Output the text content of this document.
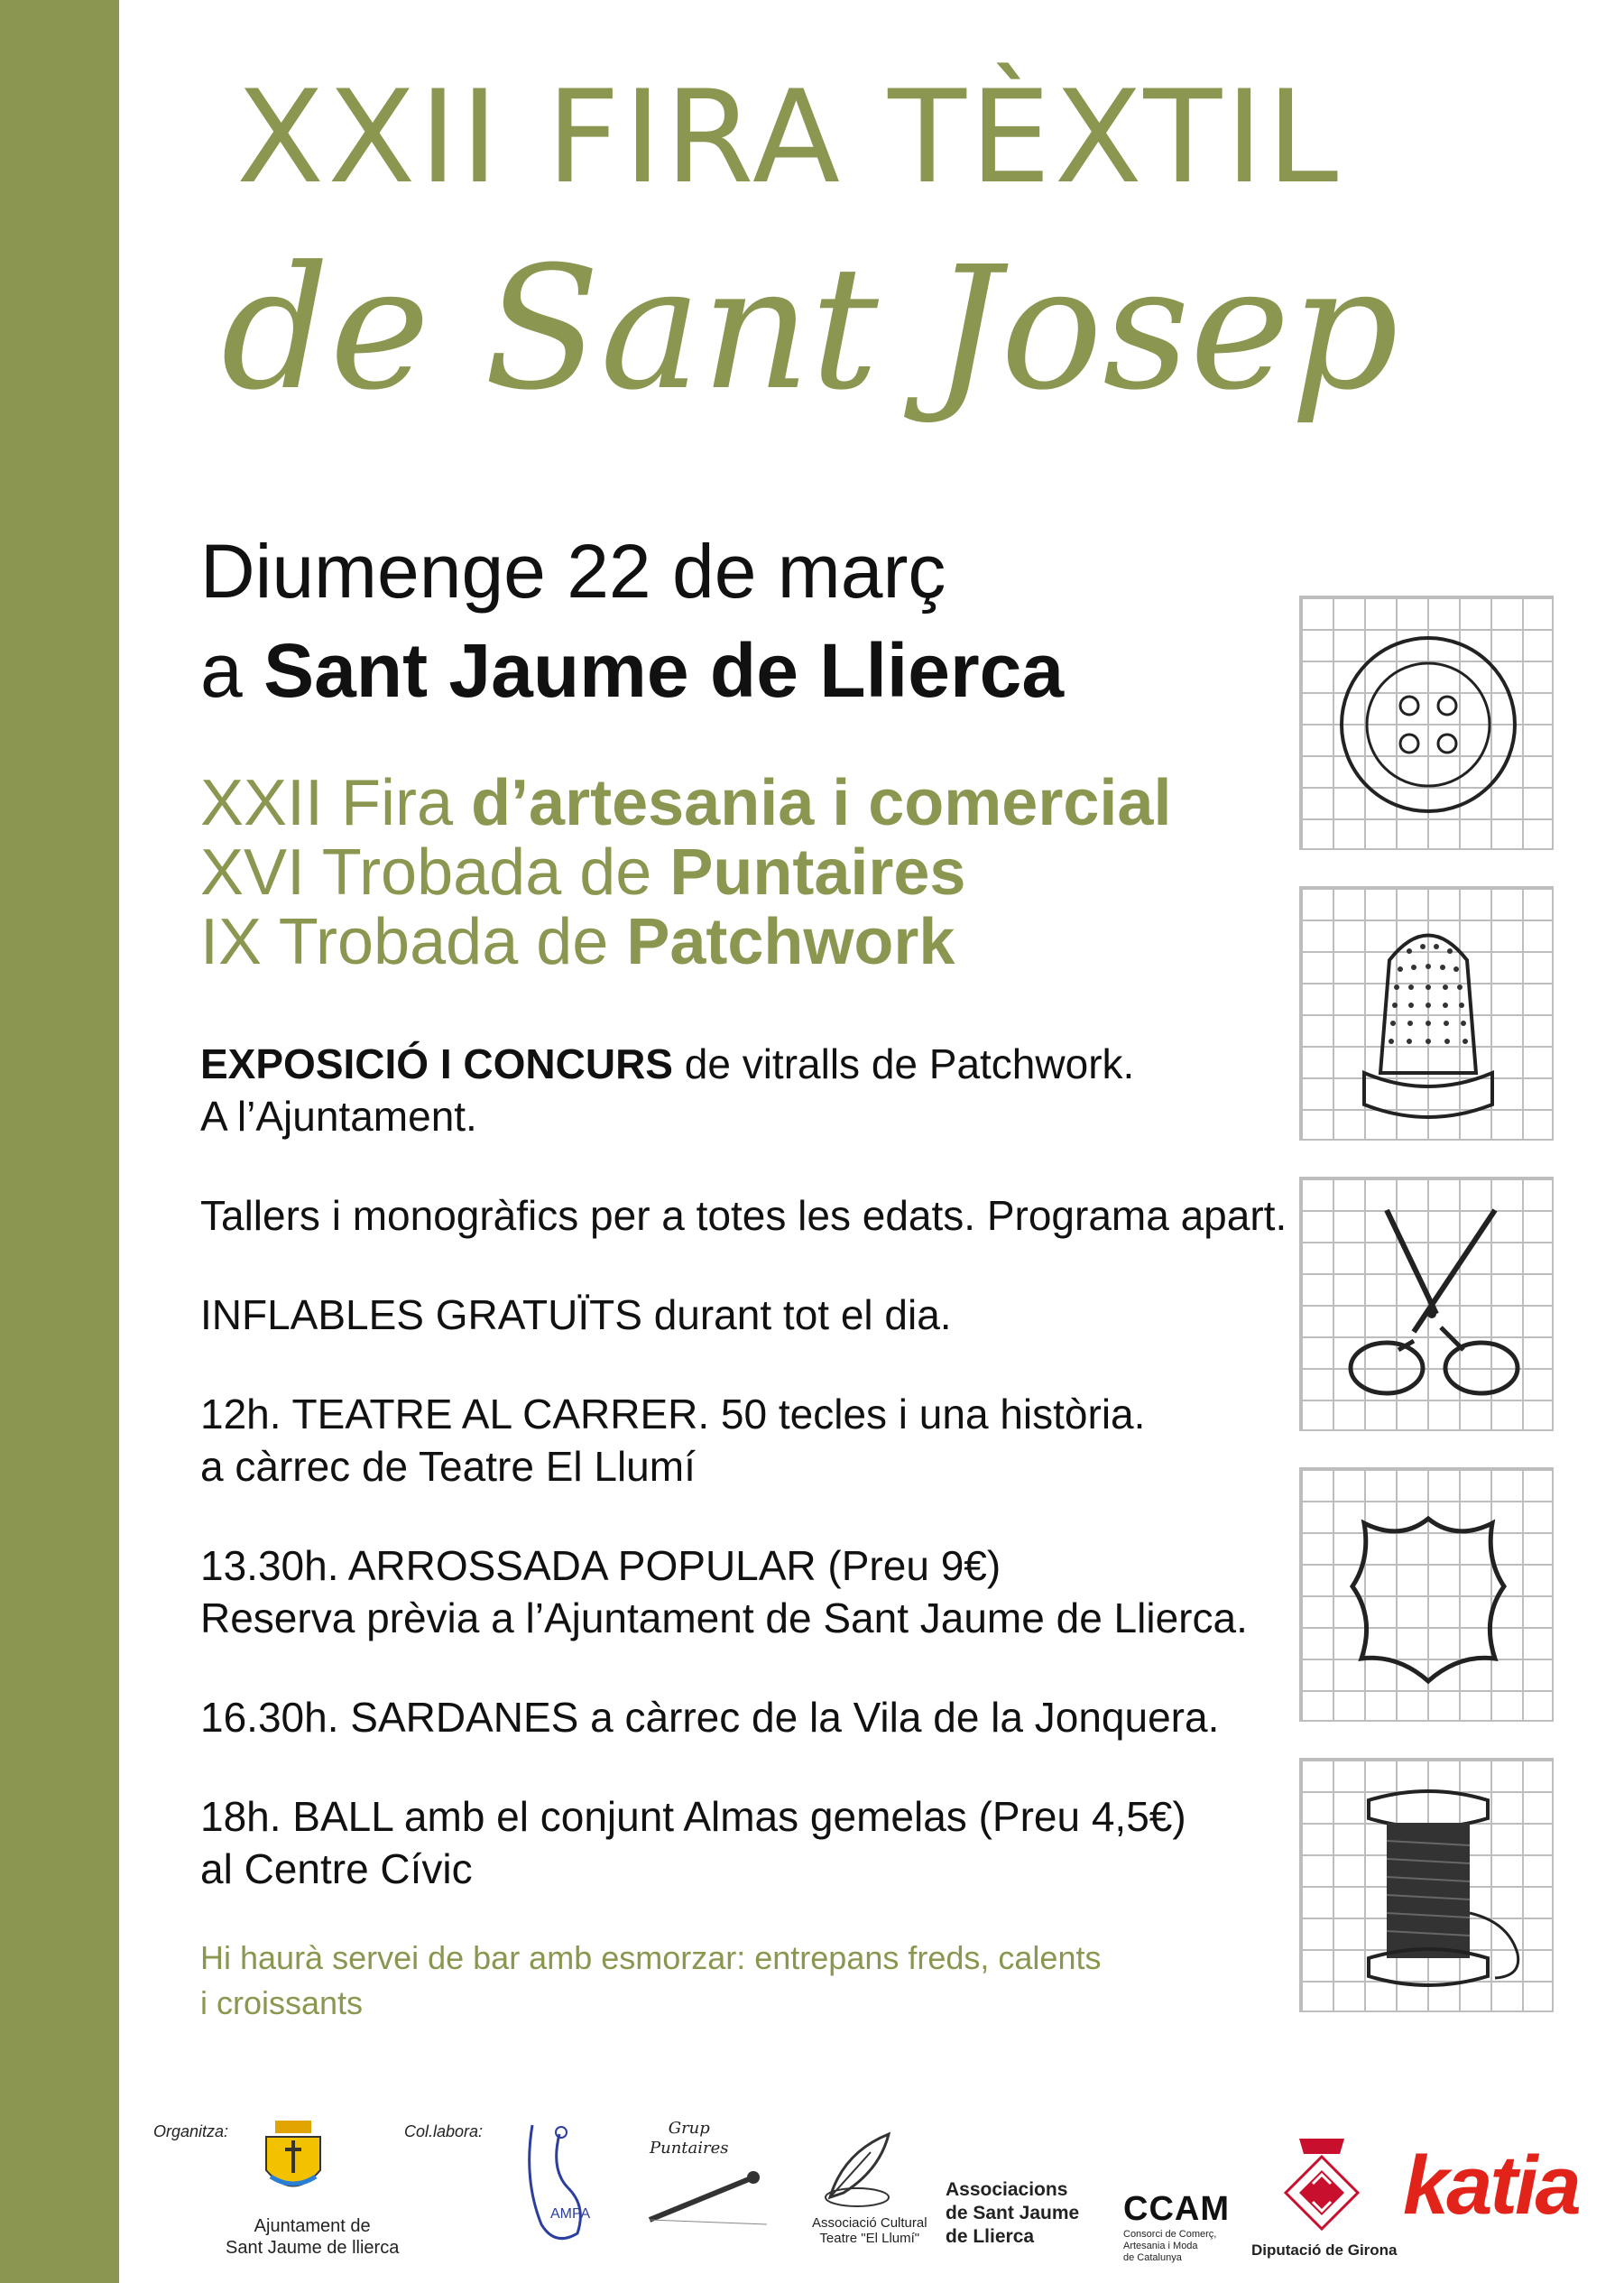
XXII FIRA TÈXTIL
de Sant Josep
Diumenge 22 de març
a Sant Jaume de Llierca
XXII Fira d’artesania i comercial
XVI Trobada de Puntaires
IX Trobada de Patchwork

EXPOSICIÓ I CONCURS de vitralls de Patchwork.

A l’Ajuntament.

Tallers i monogràfics per a totes les edats. Programa apart.

INFLABLES GRATUÏTS durant tot el dia.

12h. TEATRE AL CARRER. 50 tecles i una història.

a càrrec de Teatre El Llumí

13.30h. ARROSSADA POPULAR (Preu 9€)

Reserva prèvia a l’Ajuntament de Sant Jaume de Llierca.

16.30h. SARDANES a càrrec de la Vila de la Jonquera.

18h. BALL amb el conjunt Almas gemelas (Preu 4,5€)

al Centre Cívic

Hi haurà servei de bar amb esmorzar: entrepans freds, calents

i croissants

Organitza:	Col.labora:
Ajuntament de
Sant Jaume de llierca
AMPA
Grup
Puntaires
Associació Cultural
Teatre "El Llumí"
Associacions
de Sant Jaume
de Llierca
CCAM
Consorci de Comerç,
Artesania i Moda
de Catalunya	Diputació de Girona
katia
